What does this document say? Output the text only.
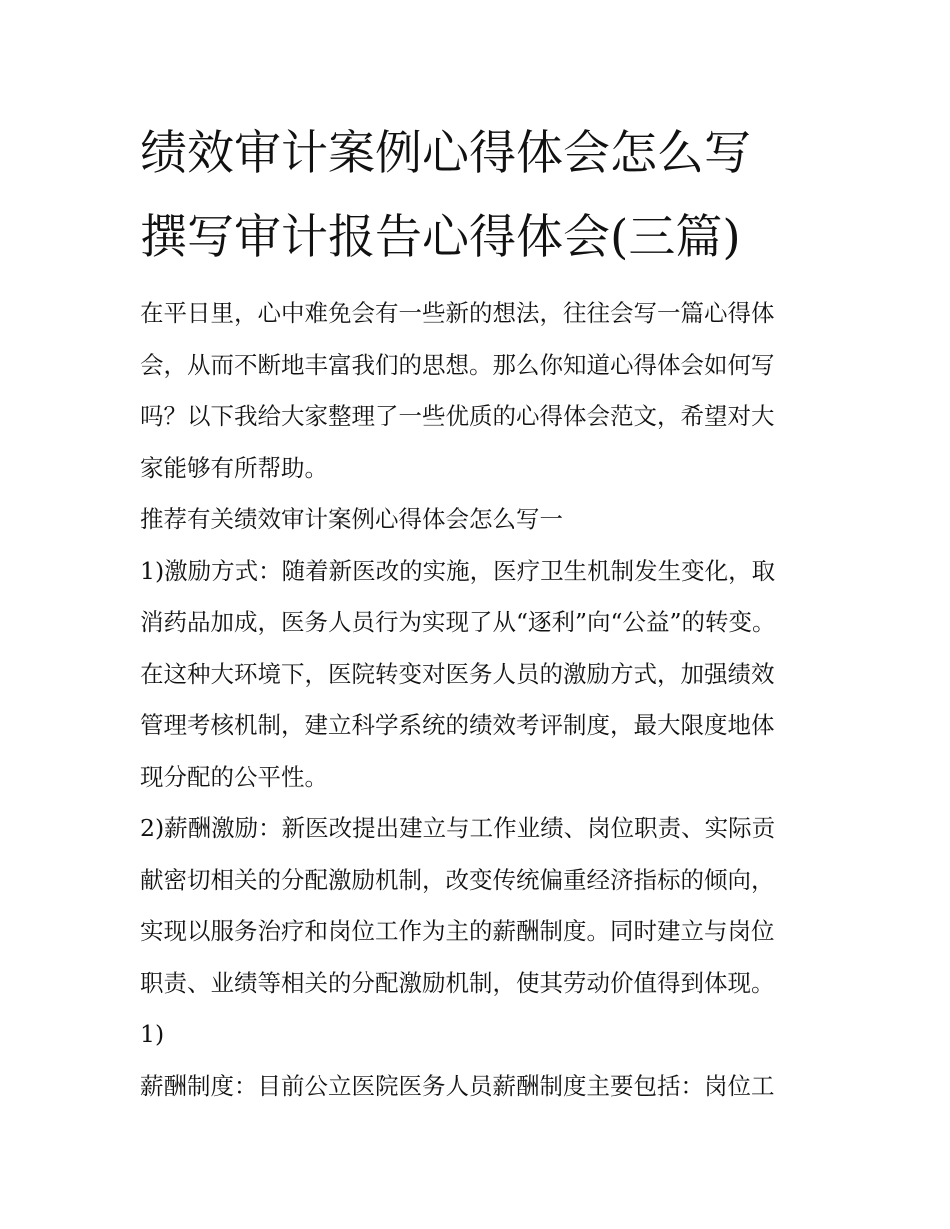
绩效审计案例心得体会怎么写
撰写审计报告心得体会(三篇)

在平日里，心中难免会有一些新的想法，往往会写一篇心得体
会，从而不断地丰富我们的思想。那么你知道心得体会如何写
吗？以下我给大家整理了一些优质的心得体会范文，希望对大
家能够有所帮助。

推荐有关绩效审计案例心得体会怎么写一

1)激励方式：随着新医改的实施，医疗卫生机制发生变化，取
消药品加成，医务人员行为实现了从“逐利”向“公益”的转变。
在这种大环境下，医院转变对医务人员的激励方式，加强绩效
管理考核机制，建立科学系统的绩效考评制度，最大限度地体
现分配的公平性。

2)薪酬激励：新医改提出建立与工作业绩、岗位职责、实际贡
献密切相关的分配激励机制，改变传统偏重经济指标的倾向，
实现以服务治疗和岗位工作为主的薪酬制度。同时建立与岗位
职责、业绩等相关的分配激励机制，使其劳动价值得到体现。
1)

薪酬制度：目前公立医院医务人员薪酬制度主要包括：岗位工
